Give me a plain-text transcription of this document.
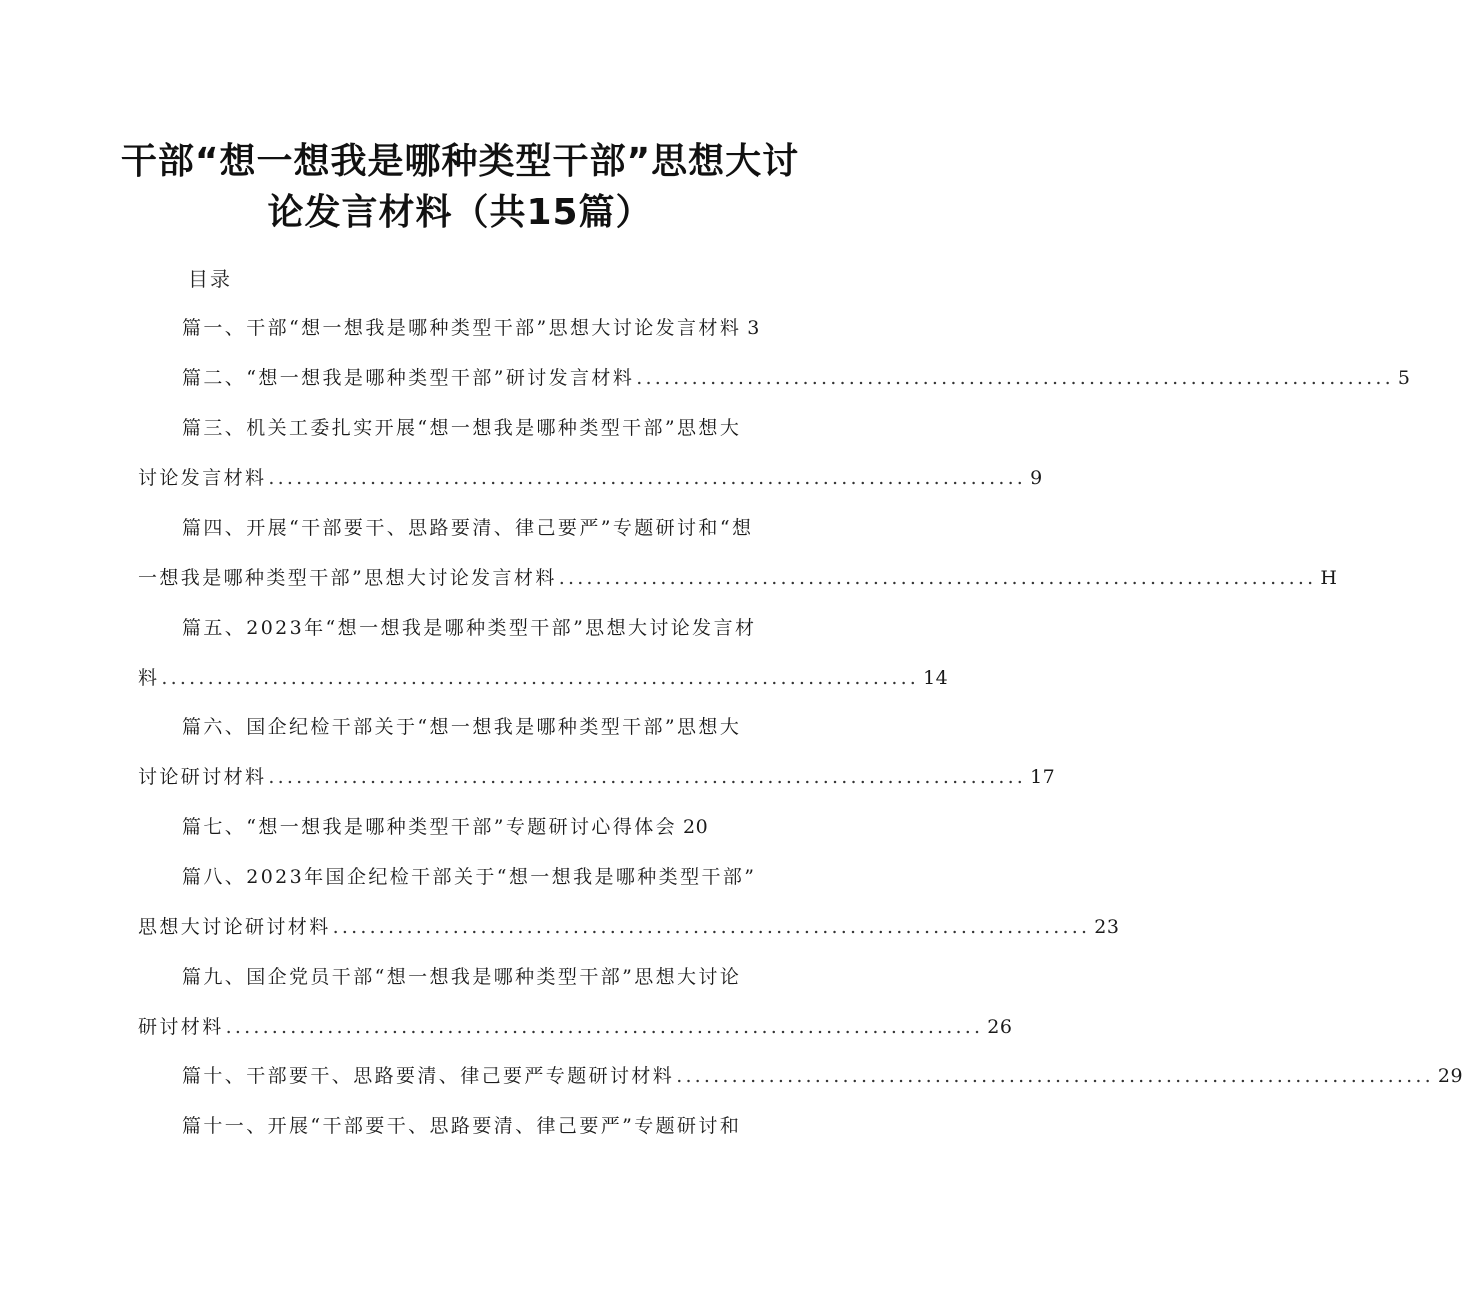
干部“想一想我是哪种类型干部”思想大讨
论发言材料（共15篇）
目录
篇一、干部“想一想我是哪种类型干部”思想大讨论发言材料 3
篇二、“想一想我是哪种类型干部”研讨发言材料 .................................................................................. 5
篇三、机关工委扎实开展“想一想我是哪种类型干部”思想大
讨论发言材料 .................................................................................. 9
篇四、开展“干部要干、思路要清、律己要严”专题研讨和“想
一想我是哪种类型干部”思想大讨论发言材料 .................................................................................. H
篇五、2023年“想一想我是哪种类型干部”思想大讨论发言材
料 .................................................................................. 14
篇六、国企纪检干部关于“想一想我是哪种类型干部”思想大
讨论研讨材料 .................................................................................. 17
篇七、“想一想我是哪种类型干部”专题研讨心得体会 20
篇八、2023年国企纪检干部关于“想一想我是哪种类型干部”
思想大讨论研讨材料 .................................................................................. 23
篇九、国企党员干部“想一想我是哪种类型干部”思想大讨论
研讨材料 .................................................................................. 26
篇十、干部要干、思路要清、律己要严专题研讨材料 .................................................................................. 29
篇十一、开展“干部要干、思路要清、律己要严”专题研讨和
